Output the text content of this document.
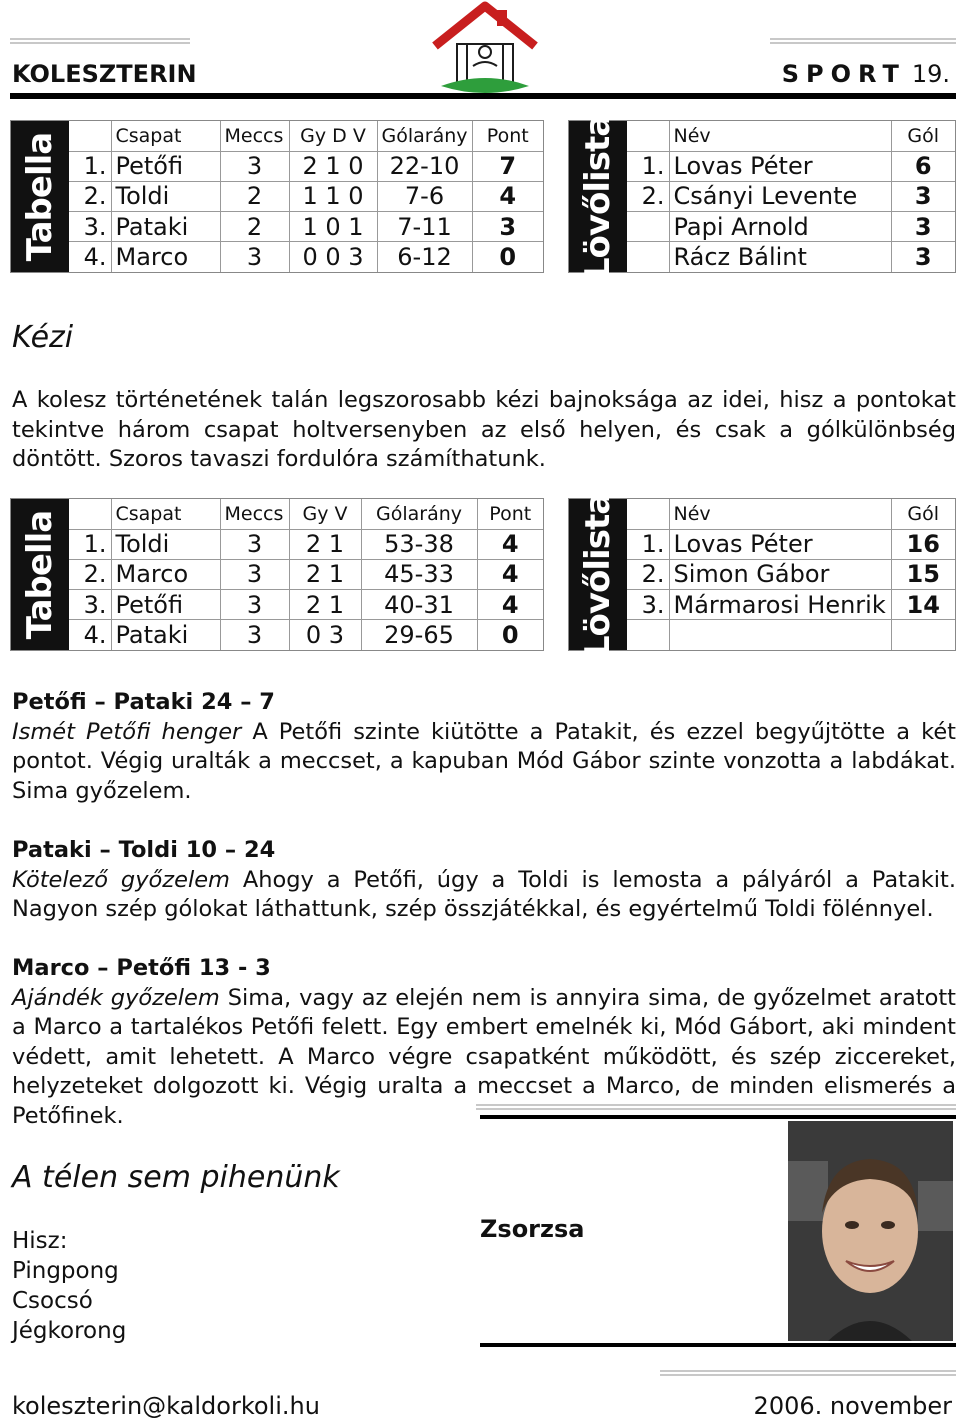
KOLESZTERIN	SPORT 19.
Tabella
		Csapat	Meccs	Gy D V	Gólarány	Pont
1.	Petőfi	3	2 1 0	22-10	7
2.	Toldi	2	1 1 0	7-6	4
3.	Pataki	2	1 0 1	7-11	3
4.	Marco	3	0 0 3	6-12	0 Lövőlista
		Név	Gól
1.	Lovas Péter	6
2.	Csányi Levente	3
	Papi Arnold	3
	Rácz Bálint	3
Kézi
A kolesz történetének talán legszorosabb kézi bajnoksága az idei, hisz a pontokat tekintve három csapat holtversenyben az első helyen, és csak a gólkülönbség döntött. Szoros tavaszi fordulóra számíthatunk.
Tabella
		Csapat	Meccs	Gy V	Gólarány	Pont
1.	Toldi	3	2 1	53-38	4
2.	Marco	3	2 1	45-33	4
3.	Petőfi	3	2 1	40-31	4
4.	Pataki	3	0 3	29-65	0 Lövőlista
		Név	Gól
1.	Lovas Péter	16
2.	Simon Gábor	15
3.	Mármarosi Henrik	14

Petőfi – Pataki 24 – 7
Ismét Petőfi henger A Petőfi szinte kiütötte a Patakit, és ezzel begyűjtötte a két pontot. Végig uralták a meccset, a kapuban Mód Gábor szinte vonzotta a labdákat. Sima győzelem.
Pataki – Toldi 10 – 24
Kötelező győzelem Ahogy a Petőfi, úgy a Toldi is lemosta a pályáról a Patakit. Nagyon szép gólokat láthattunk, szép összjátékkal, és egyértelmű Toldi fölénnyel.
Marco – Petőfi 13 - 3
Ajándék győzelem Sima, vagy az elején nem is annyira sima, de győzelmet aratott a Marco a tartalékos Petőfi felett. Egy embert emelnék ki, Mód Gábort, aki mindent védett, amit lehetett. A Marco végre csapatként működött, és szép ziccereket, helyzeteket dolgozott ki. Végig uralta a meccset a Marco, de minden elismerés a Petőfinek.
Zsorzsa
A télen sem pihenünk
Hisz:
Pingpong
Csocsó
Jégkorong
koleszterin@kaldorkoli.hu	2006. november
